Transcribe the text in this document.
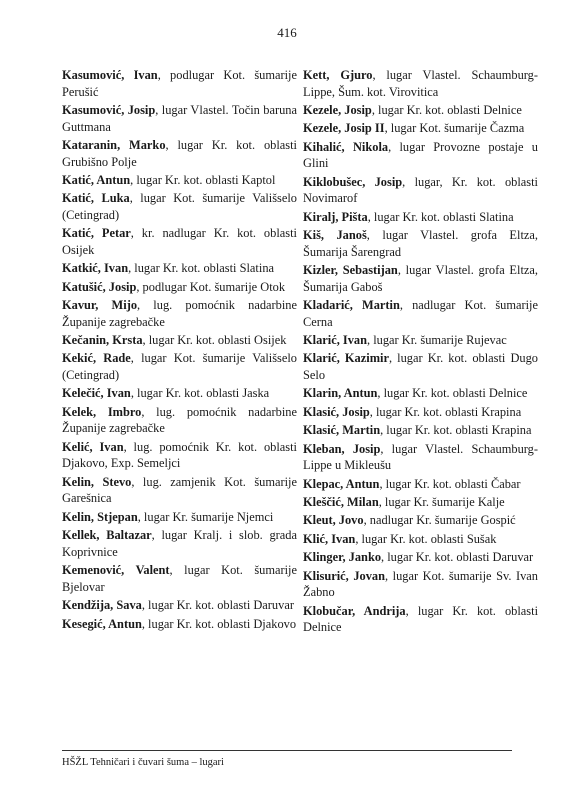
416
Kasumović, Ivan, podlugar Kot. šumarije Perušić
Kasumović, Josip, lugar Vlastel. Točin baruna Guttmana
Kataranin, Marko, lugar Kr. kot. oblasti Grubišno Polje
Katić, Antun, lugar Kr. kot. oblasti Kaptol
Katić, Luka, lugar Kot. šumarije Vališselo (Cetingrad)
Katić, Petar, kr. nadlugar Kr. kot. oblasti Osijek
Katkić, Ivan, lugar Kr. kot. oblasti Slatina
Katušić, Josip, podlugar Kot. šumarije Otok
Kavur, Mijo, lug. pomoćnik nadarbine Županije zagrebačke
Kečanin, Krsta, lugar Kr. kot. oblasti Osijek
Kekić, Rade, lugar Kot. šumarije Vališselo (Cetingrad)
Kelečić, Ivan, lugar Kr. kot. oblasti Jaska
Kelek, Imbro, lug. pomoćnik nadarbine Županije zagrebačke
Kelić, Ivan, lug. pomoćnik Kr. kot. oblasti Djakovo, Exp. Semeljci
Kelin, Stevo, lug. zamjenik Kot. šumarije Garešnica
Kelin, Stjepan, lugar Kr. šumarije Njemci
Kellek, Baltazar, lugar Kralj. i slob. grada Koprivnice
Kemenović, Valent, lugar Kot. šumarije Bjelovar
Kendžija, Sava, lugar Kr. kot. oblasti Daruvar
Kesegić, Antun, lugar Kr. kot. oblasti Djakovo
Kett, Gjuro, lugar Vlastel. Schaumburg-Lippe, Šum. kot. Virovitica
Kezele, Josip, lugar Kr. kot. oblasti Delnice
Kezele, Josip II, lugar Kot. šumarije Čazma
Kihalić, Nikola, lugar Provozne postaje u Glini
Kiklobušec, Josip, lugar, Kr. kot. oblasti Novimarof
Kiralj, Pišta, lugar Kr. kot. oblasti Slatina
Kiš, Janoš, lugar Vlastel. grofa Eltza, Šumarija Šarengrad
Kizler, Sebastijan, lugar Vlastel. grofa Eltza, Šumarija Gaboš
Kladarić, Martin, nadlugar Kot. šumarije Cerna
Klarić, Ivan, lugar Kr. šumarije Rujevac
Klarić, Kazimir, lugar Kr. kot. oblasti Dugo Selo
Klarin, Antun, lugar Kr. kot. oblasti Delnice
Klasić, Josip, lugar Kr. kot. oblasti Krapina
Klasić, Martin, lugar Kr. kot. oblasti Krapina
Kleban, Josip, lugar Vlastel. Schaumburg-Lippe u Mikleušu
Klepac, Antun, lugar Kr. kot. oblasti Čabar
Kleščić, Milan, lugar Kr. šumarije Kalje
Kleut, Jovo, nadlugar Kr. šumarije Gospić
Klić, Ivan, lugar Kr. kot. oblasti Sušak
Klinger, Janko, lugar Kr. kot. oblasti Daruvar
Klisurić, Jovan, lugar Kot. šumarije Sv. Ivan Žabno
Klobučar, Andrija, lugar Kr. kot. oblasti Delnice
HŠŽL Tehničari i čuvari šuma – lugari
